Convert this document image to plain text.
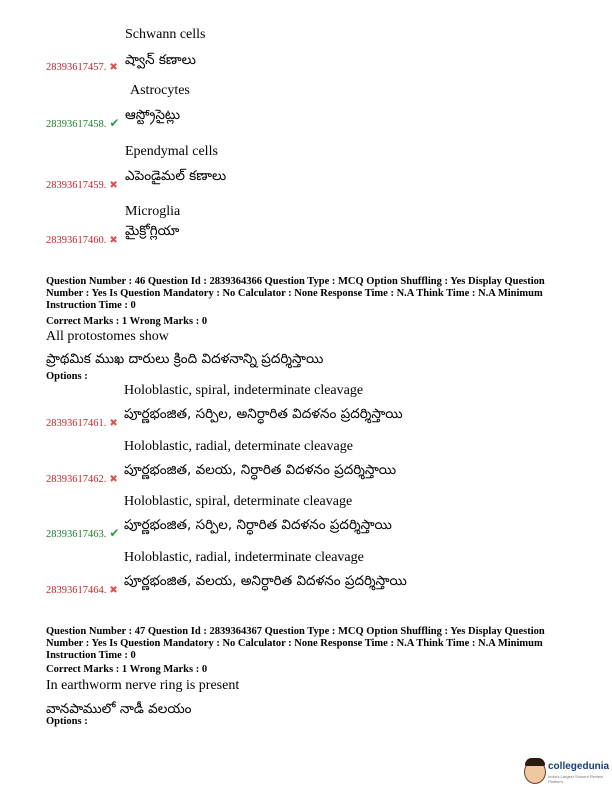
Schwann cells
28393617457. ✖ ష్వాన్ కణాలు
Astrocytes
28393617458. ✔ ఆస్ట్రోసైట్లు
Ependymal cells
28393617459. ✖
ఎపెండైమల్ కణాలు
Microglia
28393617460. ✖
మైక్రోగ్లియా
Question Number : 46 Question Id : 2839364366 Question Type : MCQ Option Shuffling : Yes Display Question Number : Yes Is Question Mandatory : No Calculator : None Response Time : N.A Think Time : N.A Minimum Instruction Time : 0
Correct Marks : 1 Wrong Marks : 0
All protostomes show
ప్రాథమిక ముఖ దారులు క్రింది విదళనాన్ని ప్రదర్శిస్తాయి
Options :
Holoblastic, spiral, indeterminate cleavage
28393617461. ✖
పూర్ణభంజిత, సర్పిల, అనిర్ధారిత విదళనం ప్రదర్శిస్తాయి
Holoblastic, radial, determinate cleavage
28393617462. ✖
పూర్ణభంజిత, వలయ, నిర్ధారిత విదళనం ప్రదర్శిస్తాయి
Holoblastic, spiral, determinate cleavage
28393617463. ✔ పూర్ణభంజిత, సర్పిల, నిర్ధారిత విదళనం ప్రదర్శిస్తాయి
Holoblastic, radial, indeterminate cleavage
28393617464. ✖
పూర్ణభంజిత, వలయ, అనిర్ధారిత విదళనం ప్రదర్శిస్తాయి
Question Number : 47 Question Id : 2839364367 Question Type : MCQ Option Shuffling : Yes Display Question Number : Yes Is Question Mandatory : No Calculator : None Response Time : N.A Think Time : N.A Minimum Instruction Time : 0
Correct Marks : 1 Wrong Marks : 0
In earthworm nerve ring is present
వానపాములో నాడీ వలయం
Options :
collegedunia
India's Largest Student Review Platform
